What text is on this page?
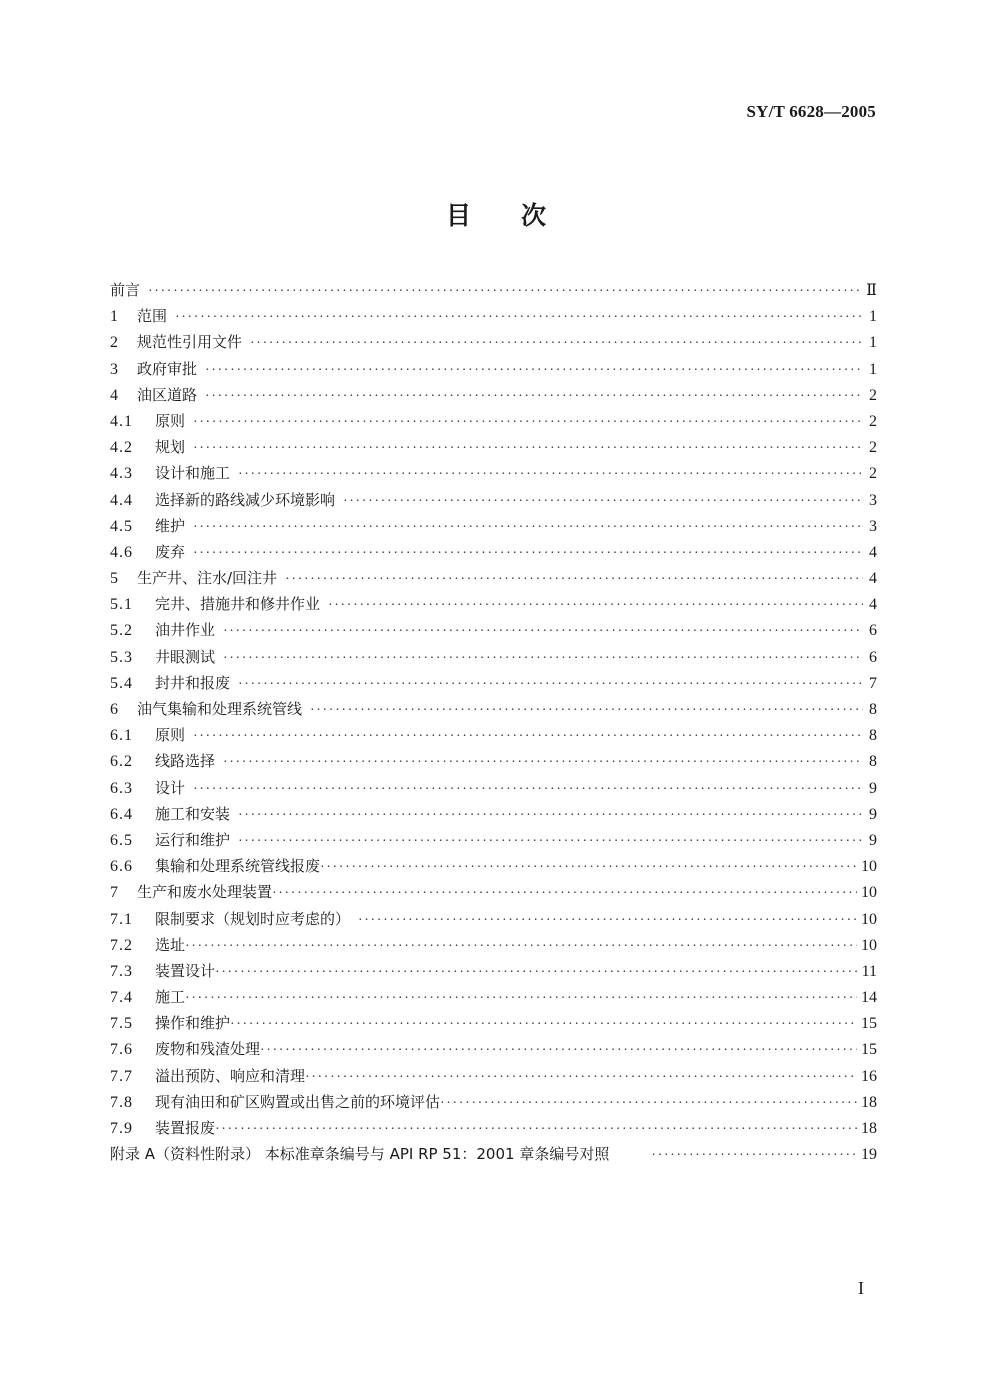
SY/T 6628—2005
目 次
前言 ·····	Ⅱ
1	范围 ·····	1
2	规范性引用文件 ·····	1
3	政府审批 ·····	1
4	油区道路 ·····	2
4.1	原则 ·····	2
4.2	规划 ·····	2
4.3	设计和施工 ·····	2
4.4	选择新的路线减少环境影响 ·····	3
4.5	维护 ·····	3
4.6	废弃 ·····	4
5	生产井、注水/回注井 ·····	4
5.1	完井、措施井和修井作业 ·····	4
5.2	油井作业 ·····	6
5.3	井眼测试 ·····	6
5.4	封井和报废 ·····	7
6	油气集输和处理系统管线 ·····	8
6.1	原则 ·····	8
6.2	线路选择 ·····	8
6.3	设计 ·····	9
6.4	施工和安装 ·····	9
6.5	运行和维护 ·····	9
6.6	集输和处理系统管线报废 ·····	10
7	生产和废水处理装置 ·····	10
7.1	限制要求（规划时应考虑的） ·····	10
7.2	选址 ·····	10
7.3	装置设计 ·····	11
7.4	施工 ·····	14
7.5	操作和维护 ·····	15
7.6	废物和残渣处理 ·····	15
7.7	溢出预防、响应和清理 ·····	16
7.8	现有油田和矿区购置或出售之前的环境评估 ·····	18
7.9	装置报废 ·····	18
附录 A（资料性附录） 本标准章条编号与 API RP 51：2001 章条编号对照 ·····	19
I
